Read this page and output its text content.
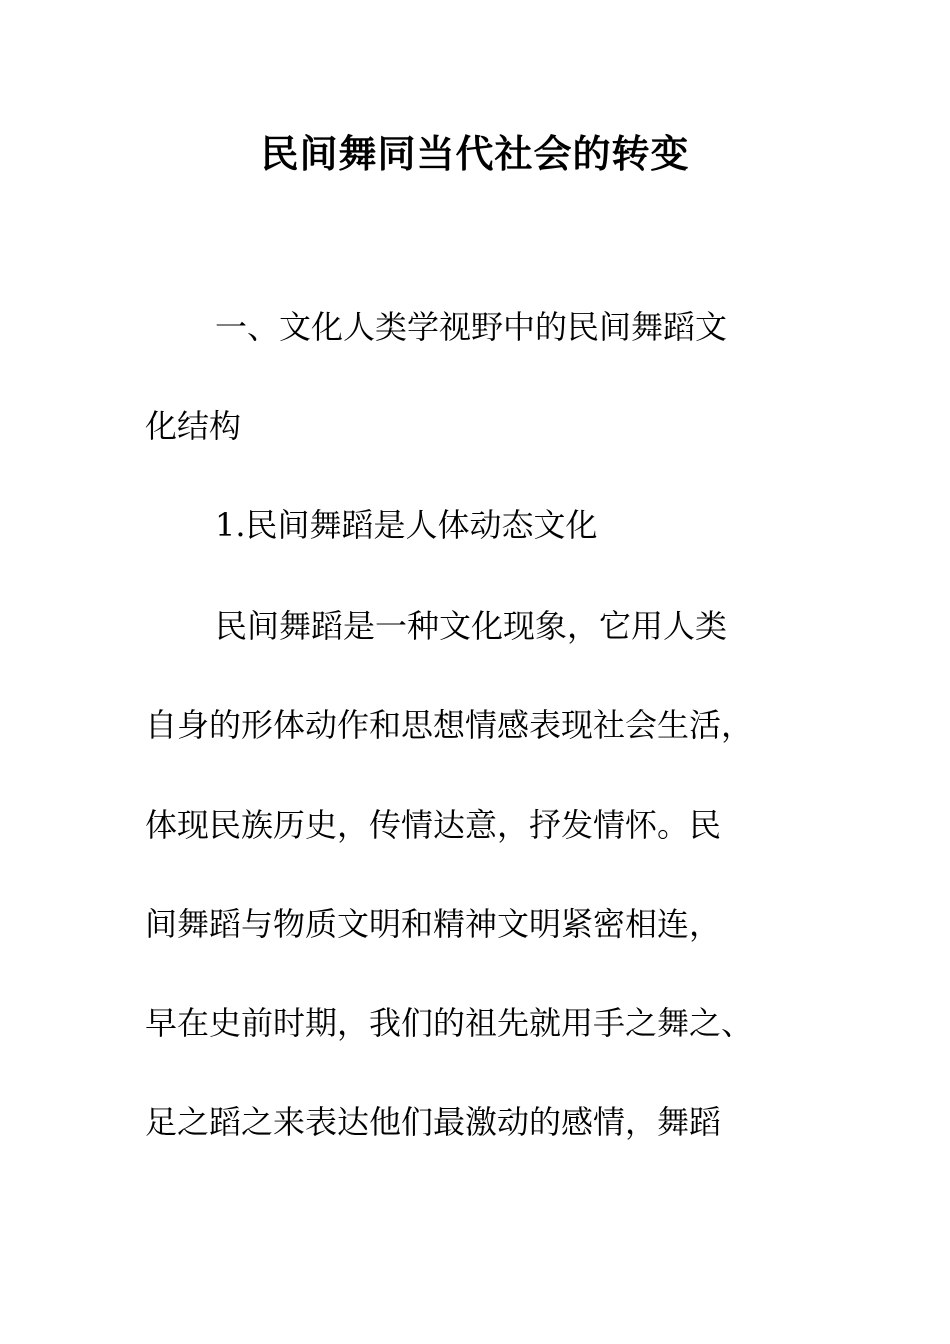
民间舞同当代社会的转变

一、文化人类学视野中的民间舞蹈文

化结构

1.民间舞蹈是人体动态文化

民间舞蹈是一种文化现象，它用人类

自身的形体动作和思想情感表现社会生活，

体现民族历史，传情达意，抒发情怀。民

间舞蹈与物质文明和精神文明紧密相连，

早在史前时期，我们的祖先就用手之舞之、

足之蹈之来表达他们最激动的感情，舞蹈
